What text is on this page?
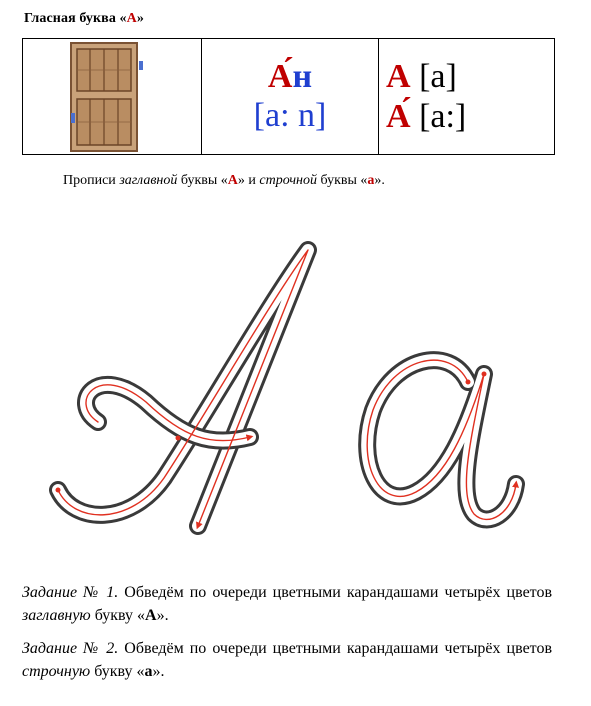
Гласная буква «А»

А́н
[a: n]

А [a]
А́ [a:]
Прописи заглавной буквы «А» и строчной буквы «а».
Задание № 1. Обведём по очереди цветными карандашами четырёх цветов заглавную букву «А».
Задание № 2. Обведём по очереди цветными карандашами четырёх цветов строчную букву «а».
